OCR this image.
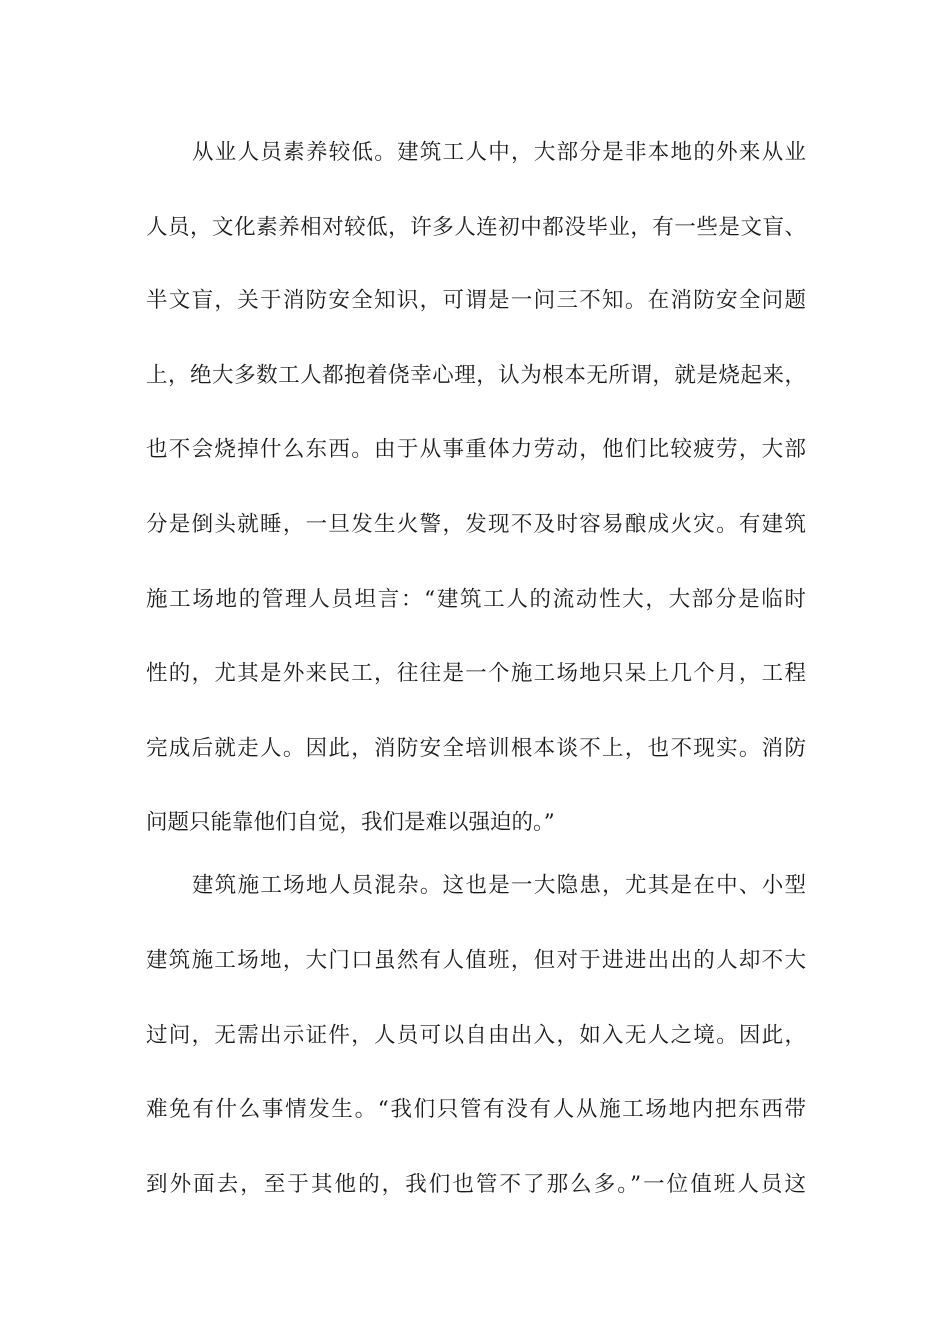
从业人员素养较低。建筑工人中，大部分是非本地的外来从业
人员，文化素养相对较低，许多人连初中都没毕业，有一些是文盲、
半文盲，关于消防安全知识，可谓是一问三不知。在消防安全问题
上，绝大多数工人都抱着侥幸心理，认为根本无所谓，就是烧起来，
也不会烧掉什么东西。由于从事重体力劳动，他们比较疲劳，大部
分是倒头就睡，一旦发生火警，发现不及时容易酿成火灾。有建筑
施工场地的管理人员坦言：“建筑工人的流动性大，大部分是临时
性的，尤其是外来民工，往往是一个施工场地只呆上几个月，工程
完成后就走人。因此，消防安全培训根本谈不上，也不现实。消防
问题只能靠他们自觉，我们是难以强迫的。”
建筑施工场地人员混杂。这也是一大隐患，尤其是在中、小型
建筑施工场地，大门口虽然有人值班，但对于进进出出的人却不大
过问，无需出示证件，人员可以自由出入，如入无人之境。因此，
难免有什么事情发生。“我们只管有没有人从施工场地内把东西带
到外面去，至于其他的，我们也管不了那么多。”一位值班人员这
